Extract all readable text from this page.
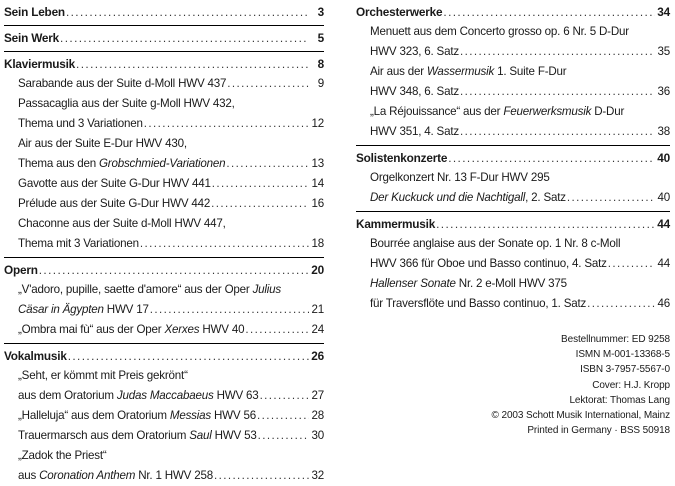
Sein Leben .....	3
Sein Werk .....	5
Klaviermusik .....	8
Sarabande aus der Suite d-Moll HWV 437 .....	9
Passacaglia aus der Suite g-Moll HWV 432,
Thema und 3 Variationen .....	12
Air aus der Suite E-Dur HWV 430,
Thema aus den Grobschmied-Variationen .....	13
Gavotte aus der Suite G-Dur HWV 441 .....	14
Prélude aus der Suite G-Dur HWV 442 .....	16
Chaconne aus der Suite d-Moll HWV 447,
Thema mit 3 Variationen .....	18
Opern .....	20
„V'adoro, pupille, saette d'amore“ aus der Oper Julius
Cäsar in Ägypten HWV 17 .....	21
„Ombra mai fù“ aus der Oper Xerxes HWV 40 .....	24
Vokalmusik .....	26
„Seht, er kömmt mit Preis gekrönt“
aus dem Oratorium Judas Maccabaeus HWV 63 .....	27
„Halleluja“ aus dem Oratorium Messias HWV 56 .....	28
Trauermarsch aus dem Oratorium Saul HWV 53 .....	30
„Zadok the Priest“
aus Coronation Anthem Nr. 1 HWV 258 .....	32
Orchesterwerke .....	34
Menuett aus dem Concerto grosso op. 6 Nr. 5 D-Dur
HWV 323, 6. Satz .....	35
Air aus der Wassermusik 1. Suite F-Dur
HWV 348, 6. Satz .....	36
„La Réjouissance“ aus der Feuerwerksmusik D-Dur
HWV 351, 4. Satz .....	38
Solistenkonzerte .....	40
Orgelkonzert Nr. 13 F-Dur HWV 295
Der Kuckuck und die Nachtigall, 2. Satz .....	40
Kammermusik .....	44
Bourrée anglaise aus der Sonate op. 1 Nr. 8 c-Moll
HWV 366 für Oboe und Basso continuo, 4. Satz .....	44
Hallenser Sonate Nr. 2 e-Moll HWV 375
für Traversflöte und Basso continuo, 1. Satz .....	46
Bestellnummer: ED 9258
ISMN M-001-13368-5
ISBN 3-7957-5567-0
Cover: H.J. Kropp
Lektorat: Thomas Lang
© 2003 Schott Musik International, Mainz
Printed in Germany · BSS 50918
